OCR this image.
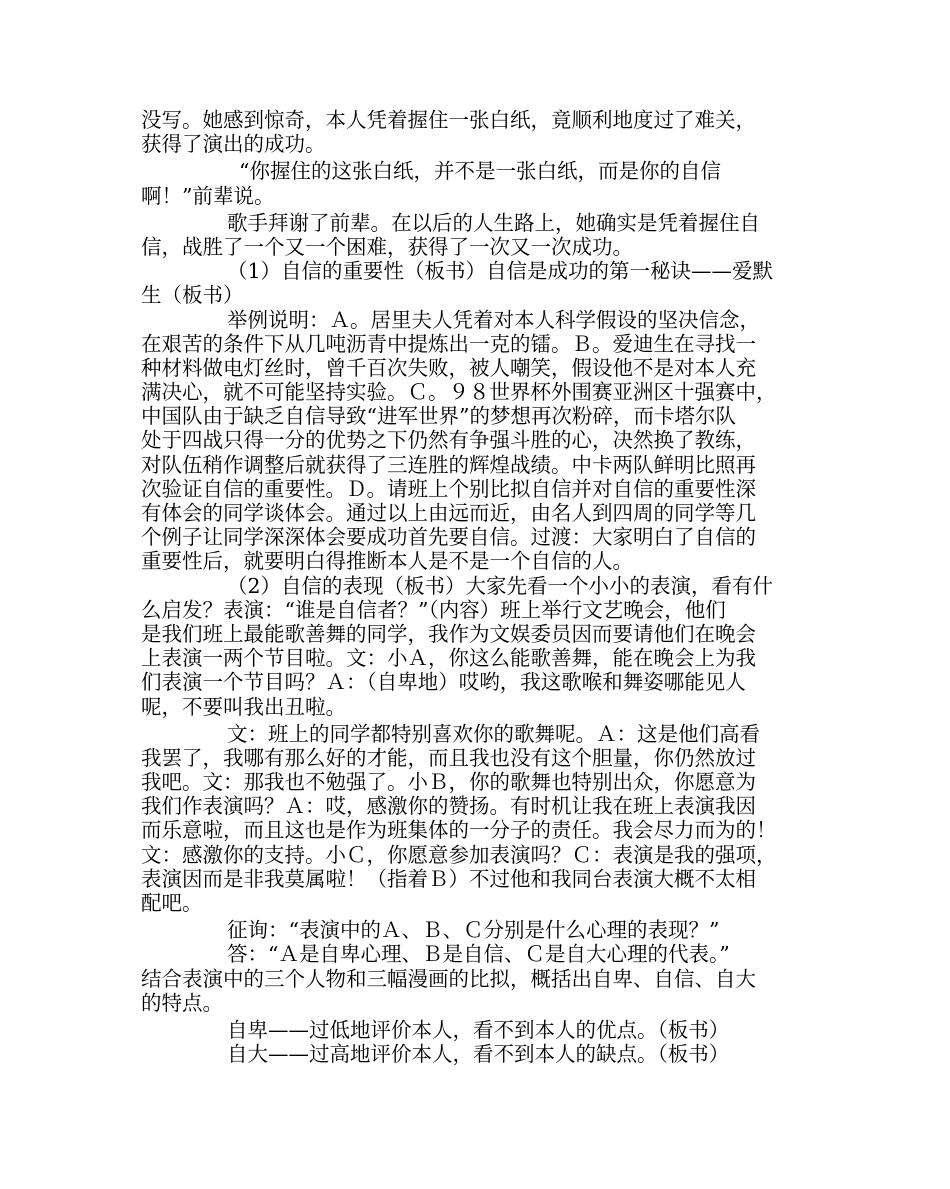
没写。她感到惊奇，本人凭着握住一张白纸，竟顺利地度过了难关，
获得了演出的成功。
“你握住的这张白纸，并不是一张白纸，而是你的自信
啊！”前辈说。
歌手拜谢了前辈。在以后的人生路上，她确实是凭着握住自
信，战胜了一个又一个困难，获得了一次又一次成功。
（1）自信的重要性（板书）自信是成功的第一秘诀——爱默
生（板书）
举例说明：Ａ。居里夫人凭着对本人科学假设的坚决信念，
在艰苦的条件下从几吨沥青中提炼出一克的镭。Ｂ。爱迪生在寻找一
种材料做电灯丝时，曾千百次失败，被人嘲笑，假设他不是对本人充
满决心，就不可能坚持实验。Ｃ。９８世界杯外围赛亚洲区十强赛中，
中国队由于缺乏自信导致“进军世界”的梦想再次粉碎，而卡塔尔队
处于四战只得一分的优势之下仍然有争强斗胜的心，决然换了教练，
对队伍稍作调整后就获得了三连胜的辉煌战绩。中卡两队鲜明比照再
次验证自信的重要性。Ｄ。请班上个别比拟自信并对自信的重要性深
有体会的同学谈体会。通过以上由远而近，由名人到四周的同学等几
个例子让同学深深体会要成功首先要自信。过渡：大家明白了自信的
重要性后，就要明白得推断本人是不是一个自信的人。
（2）自信的表现（板书）大家先看一个小小的表演，看有什
么启发？表演：“谁是自信者？”（内容）班上举行文艺晚会，他们
是我们班上最能歌善舞的同学，我作为文娱委员因而要请他们在晚会
上表演一两个节目啦。文：小Ａ，你这么能歌善舞，能在晚会上为我
们表演一个节目吗？Ａ：（自卑地）哎哟，我这歌喉和舞姿哪能见人
呢，不要叫我出丑啦。
文：班上的同学都特别喜欢你的歌舞呢。Ａ：这是他们高看
我罢了，我哪有那么好的才能，而且我也没有这个胆量，你仍然放过
我吧。文：那我也不勉强了。小Ｂ，你的歌舞也特别出众，你愿意为
我们作表演吗？Ａ：哎，感激你的赞扬。有时机让我在班上表演我因
而乐意啦，而且这也是作为班集体的一分子的责任。我会尽力而为的！
文：感激你的支持。小Ｃ，你愿意参加表演吗？Ｃ：表演是我的强项，
表演因而是非我莫属啦！（指着Ｂ）不过他和我同台表演大概不太相
配吧。
征询：“表演中的Ａ、Ｂ、Ｃ分别是什么心理的表现？”
答：“Ａ是自卑心理、Ｂ是自信、Ｃ是自大心理的代表。”
结合表演中的三个人物和三幅漫画的比拟，概括出自卑、自信、自大
的特点。
自卑——过低地评价本人，看不到本人的优点。（板书）
自大——过高地评价本人，看不到本人的缺点。（板书）
